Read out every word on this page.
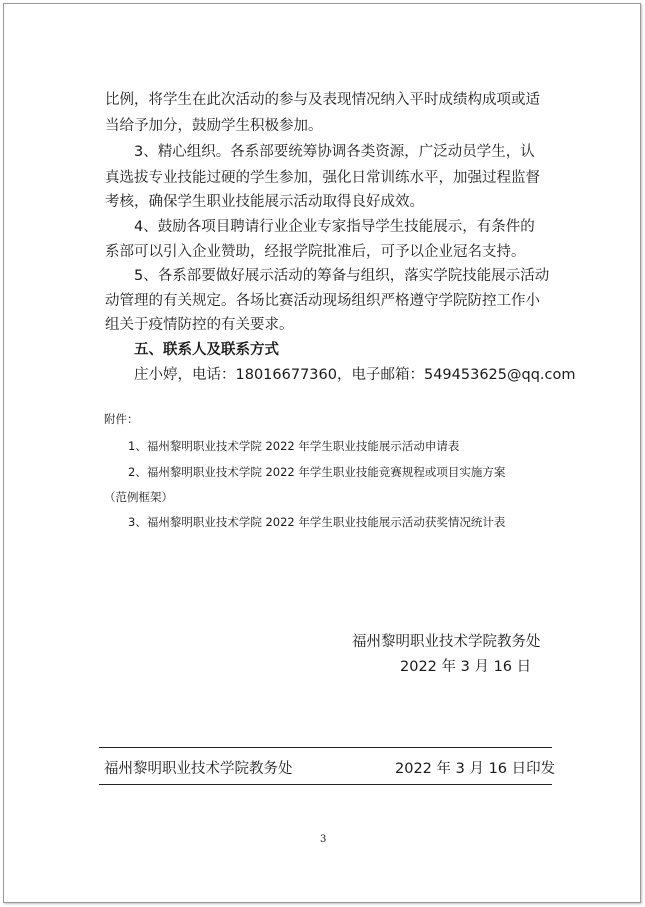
比例，将学生在此次活动的参与及表现情况纳入平时成绩构成项或适
当给予加分，鼓励学生积极参加。
3、精心组织。各系部要统筹协调各类资源，广泛动员学生，认
真选拔专业技能过硬的学生参加，强化日常训练水平，加强过程监督
考核，确保学生职业技能展示活动取得良好成效。
4、鼓励各项目聘请行业企业专家指导学生技能展示，有条件的
系部可以引入企业赞助，经报学院批准后，可予以企业冠名支持。
5、各系部要做好展示活动的筹备与组织，落实学院技能展示活动
动管理的有关规定。各场比赛活动现场组织严格遵守学院防控工作小
组关于疫情防控的有关要求。
五、联系人及联系方式
庄小婷，电话：18016677360，电子邮箱：549453625@qq.com
附件：
1、福州黎明职业技术学院 2022 年学生职业技能展示活动申请表
2、福州黎明职业技术学院 2022 年学生职业技能竞赛规程或项目实施方案
（范例框架）
3、福州黎明职业技术学院 2022 年学生职业技能展示活动获奖情况统计表
福州黎明职业技术学院教务处
2022 年 3 月 16 日
福州黎明职业技术学院教务处	2022 年 3 月 16 日印发
3
